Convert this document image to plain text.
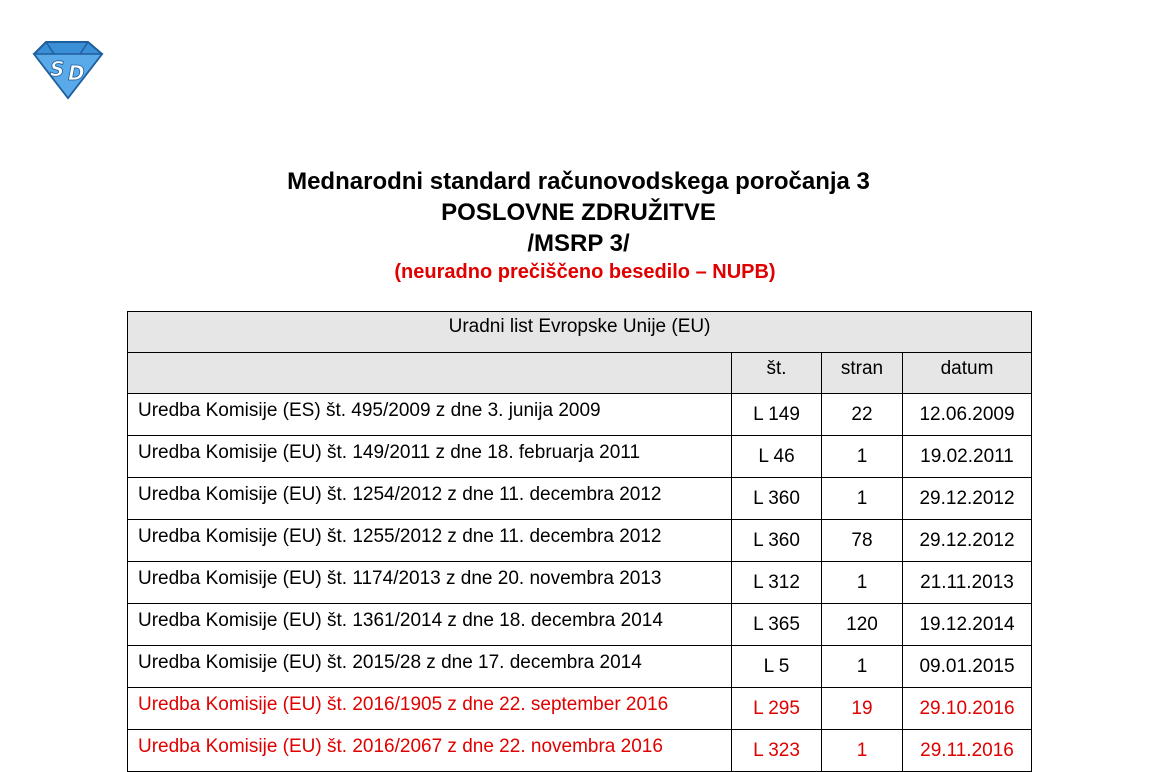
S D
Mednarodni standard računovodskega poročanja 3
POSLOVNE ZDRUŽITVE
/MSRP 3/
(neuradno prečiščeno besedilo – NUPB)
Uradni list Evropske Unije (EU)			
	št.	stran	datum
Uredba Komisije (ES) št. 495/2009 z dne 3. junija 2009	L 149	22	12.06.2009
Uredba Komisije (EU) št. 149/2011 z dne 18. februarja 2011	L 46	1	19.02.2011
Uredba Komisije (EU) št. 1254/2012 z dne 11. decembra 2012	L 360	1	29.12.2012
Uredba Komisije (EU) št. 1255/2012 z dne 11. decembra 2012	L 360	78	29.12.2012
Uredba Komisije (EU) št. 1174/2013 z dne 20. novembra 2013	L 312	1	21.11.2013
Uredba Komisije (EU) št. 1361/2014 z dne 18. decembra 2014	L 365	120	19.12.2014
Uredba Komisije (EU) št. 2015/28 z dne 17. decembra 2014	L 5	1	09.01.2015
Uredba Komisije (EU) št. 2016/1905 z dne 22. september 2016	L 295	19	29.10.2016
Uredba Komisije (EU) št. 2016/2067 z dne 22. novembra 2016	L 323	1	29.11.2016
